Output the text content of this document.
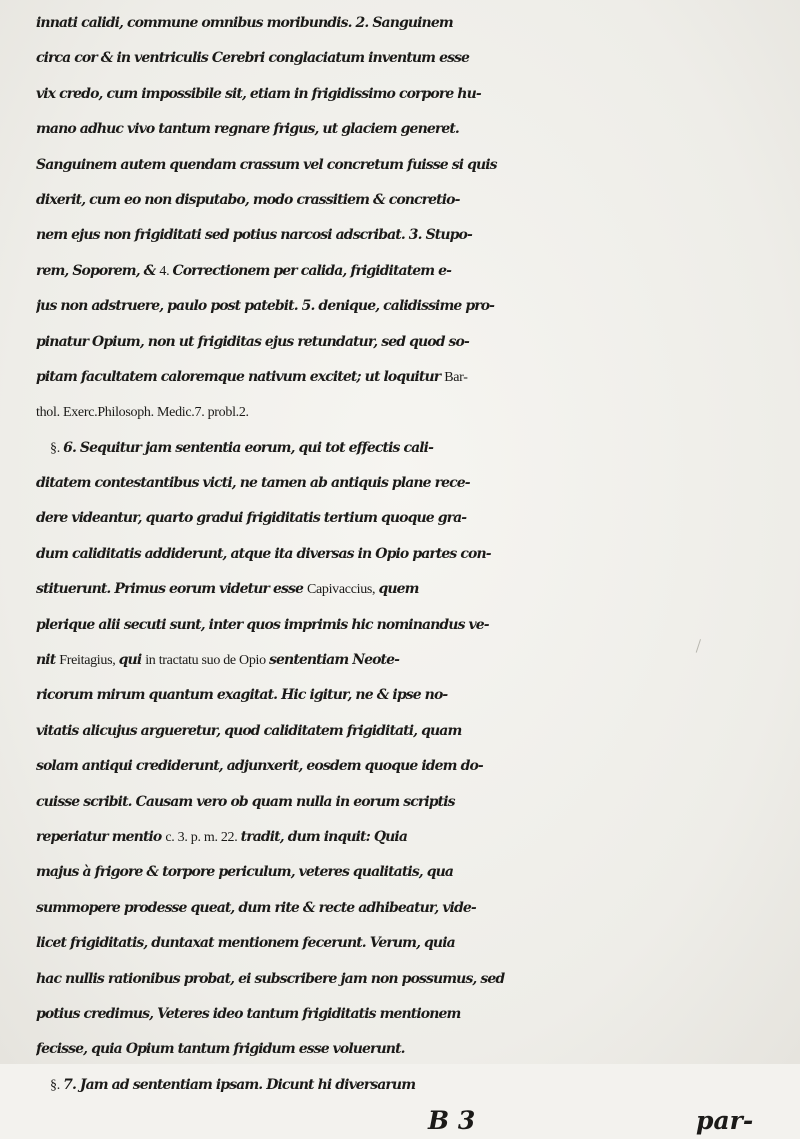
innati calidi, commune omnibus moribundis. 2. Sanguinem
circa cor & in ventriculis Cerebri conglaciatum inventum esse
vix credo, cum impossibile sit, etiam in frigidissimo corpore hu-
mano adhuc vivo tantum regnare frigus, ut glaciem generet.
Sanguinem autem quendam crassum vel concretum fuisse si quis
dixerit, cum eo non disputabo, modo crassitiem & concretio-
nem ejus non frigiditati sed potius narcosi adscribat. 3. Stupo-
rem, Soporem, & 4. Correctionem per calida, frigiditatem e-
jus non adstruere, paulo post patebit. 5. denique, calidissime pro-
pinatur Opium, non ut frigiditas ejus retundatur, sed quod so-
pitam facultatem caloremque nativum excitet; ut loquitur Bar-
thol. Exerc.Philosoph. Medic.7. probl.2.
§. 6. Sequitur jam sententia eorum, qui tot effectis cali-
ditatem contestantibus victi, ne tamen ab antiquis plane rece-
dere videantur, quarto gradui frigiditatis tertium quoque gra-
dum caliditatis addiderunt, atque ita diversas in Opio partes con-
stituerunt. Primus eorum videtur esse Capivaccius, quem
plerique alii secuti sunt, inter quos imprimis hic nominandus ve-
nit Freitagius, qui in tractatu suo de Opio sententiam Neote-
ricorum mirum quantum exagitat. Hic igitur, ne & ipse no-
vitatis alicujus argueretur, quod caliditatem frigiditati, quam
solam antiqui crediderunt, adjunxerit, eosdem quoque idem do-
cuisse scribit. Causam vero ob quam nulla in eorum scriptis
reperiatur mentio c. 3. p. m. 22. tradit, dum inquit: Quia
majus à frigore & torpore periculum, veteres qualitatis, qua
summopere prodesse queat, dum rite & recte adhibeatur, vide-
licet frigiditatis, duntaxat mentionem fecerunt. Verum, quia
hac nullis rationibus probat, ei subscribere jam non possumus, sed
potius credimus, Veteres ideo tantum frigiditatis mentionem
fecisse, quia Opium tantum frigidum esse voluerunt.
§. 7. Jam ad sententiam ipsam. Dicunt hi diversarum
B 3	par-
